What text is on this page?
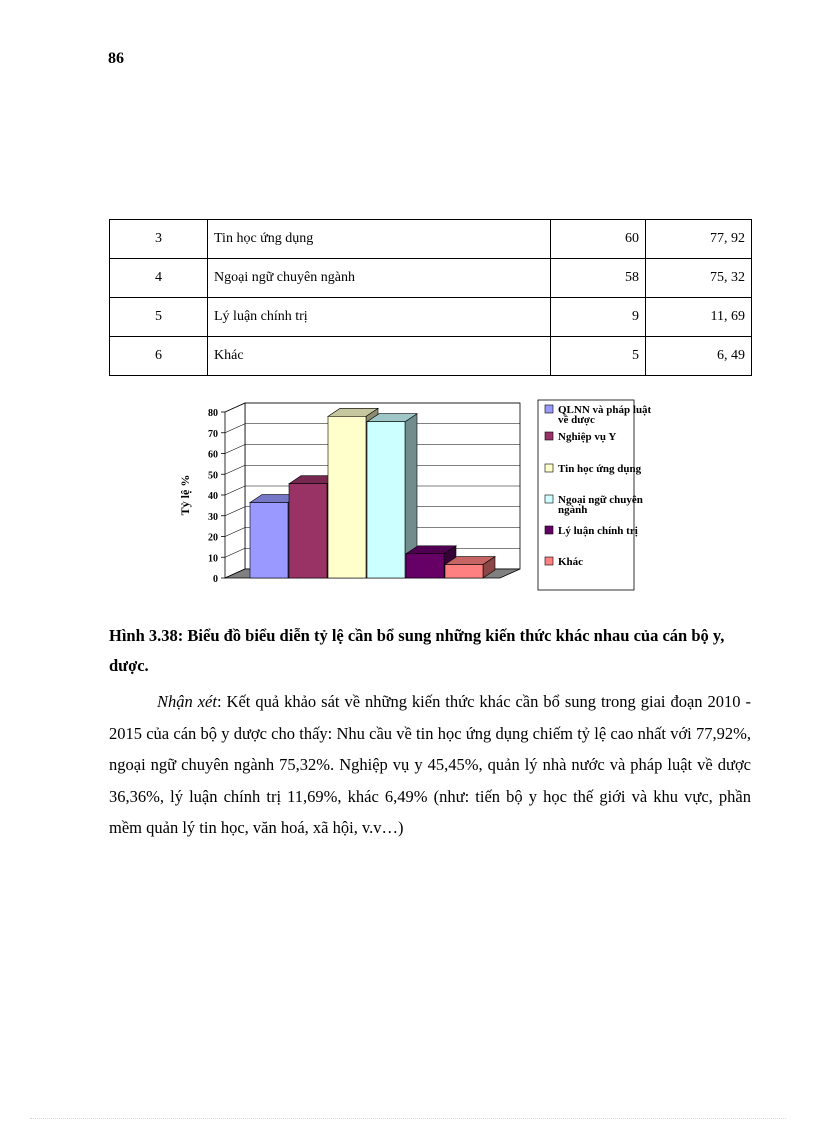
86
3	Tin học ứng dụng	60	77, 92
4	Ngoại ngữ chuyên ngành	58	75, 32
5	Lý luận chính trị	9	11, 69
6	Khác	5	6, 49
0
10
20
30
40
50
60
70
80
Tỷ lệ %
QLNN và pháp luật
về dược
Nghiệp vụ Y
Tin học ứng dụng
Ngoại ngữ chuyên
ngành
Lý luận chính trị
Khác
Hình 3.38: Biểu đồ biểu diễn tỷ lệ cần bổ sung những kiến thức khác nhau của cán bộ y, dược.
Nhận xét: Kết quả khảo sát về những kiến thức khác cần bổ sung trong giai đoạn 2010 - 2015 của cán bộ y dược cho thấy: Nhu cầu về tin học ứng dụng chiếm tỷ lệ cao nhất với 77,92%, ngoại ngữ chuyên ngành 75,32%. Nghiệp vụ y 45,45%, quản lý nhà nước và pháp luật về dược 36,36%, lý luận chính trị 11,69%, khác 6,49% (như: tiến bộ y học thế giới và khu vực, phần mềm quản lý tin học, văn hoá, xã hội, v.v…)
